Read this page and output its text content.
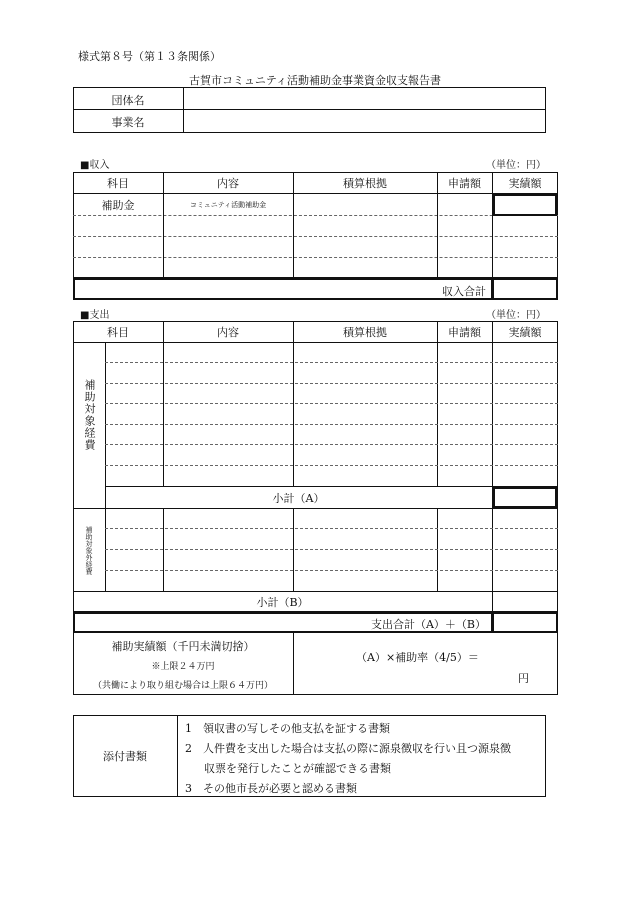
様式第８号（第１３条関係）
古賀市コミュニティ活動補助金事業資金収支報告書
団体名
事業名
■収入	（単位：円）
科目	内容	積算根拠	申請額	実績額
補助金	コミュニティ活動補助金
収入合計
■支出	（単位：円）
科目	内容	積算根拠	申請額	実績額
補助対象経費
補助対象外経費
小計（A）
小計（B）
支出合計（A）＋（B）
補助実績額（千円未満切捨）
※上限２４万円
（共働により取り組む場合は上限６４万円）
（A）×補助率（4/5）＝
円
添付書類
1　領収書の写しその他支払を証する書類
2　人件費を支出した場合は支払の際に源泉徴収を行い且つ源泉徴
収票を発行したことが確認できる書類
3　その他市長が必要と認める書類
